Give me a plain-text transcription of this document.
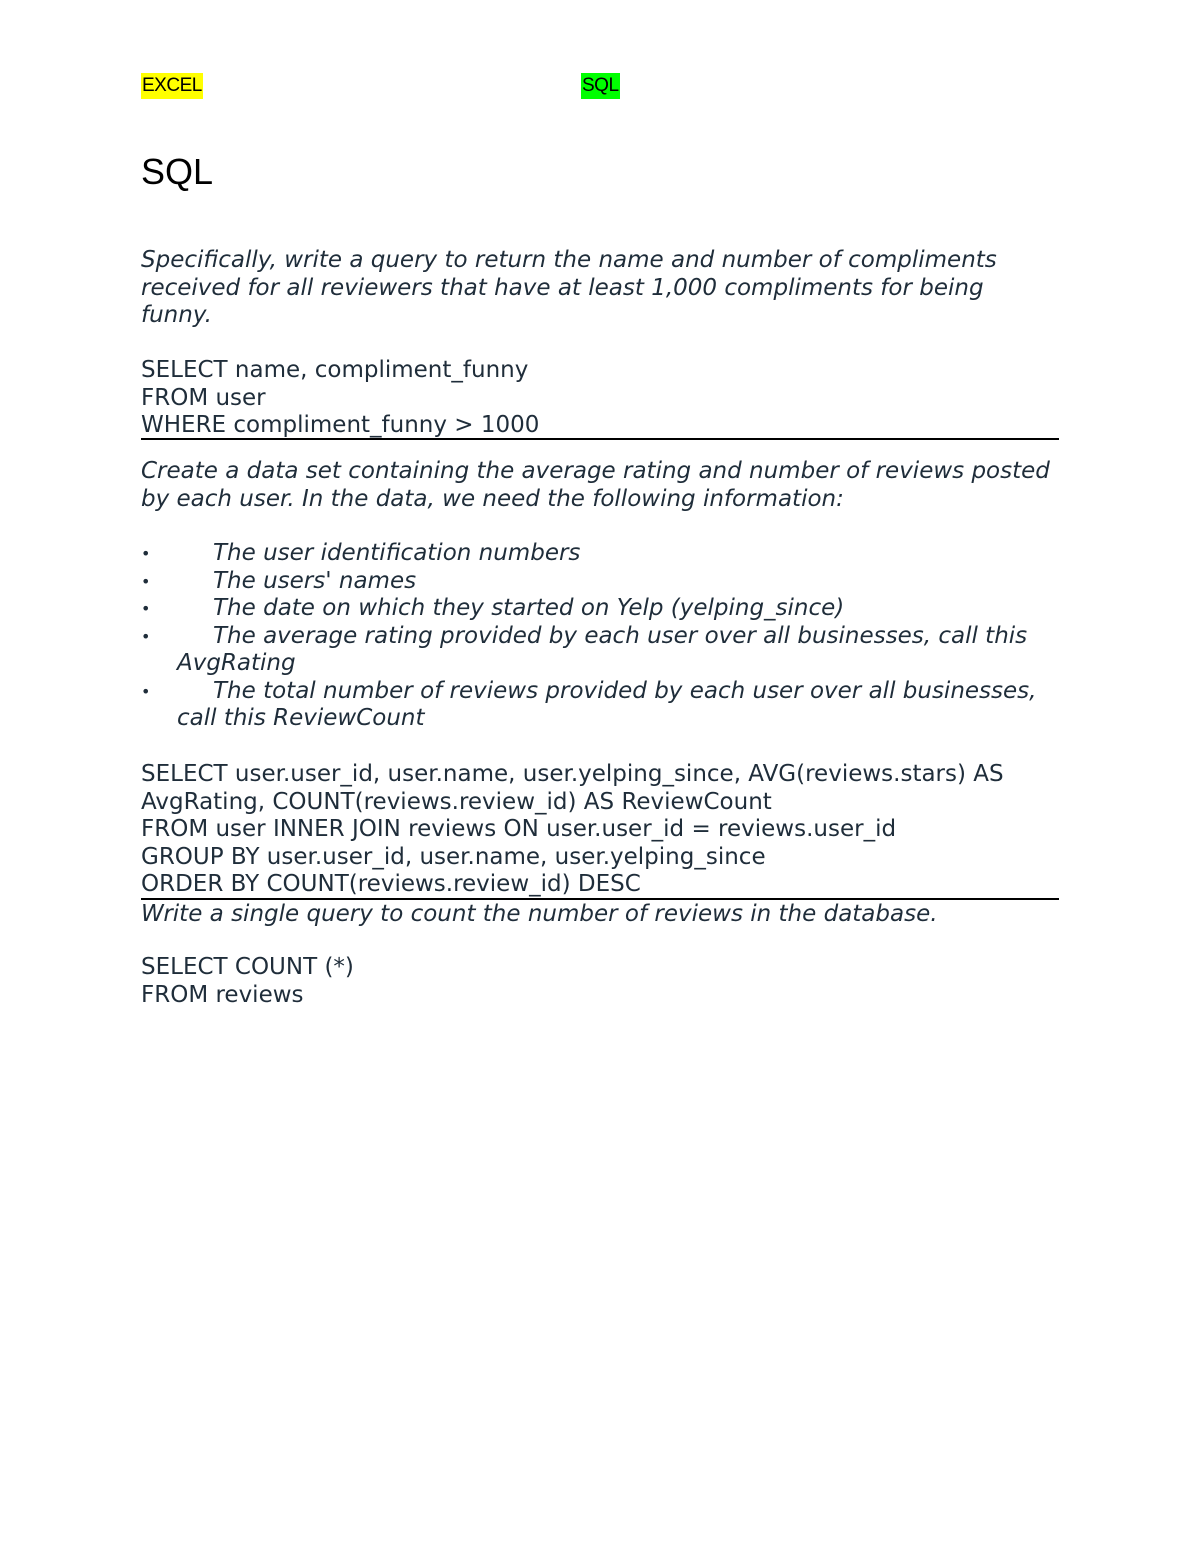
EXCEL	SQL
SQL
Specifically, write a query to return the name and number of compliments received for all reviewers that have at least 1,000 compliments for being funny.
SELECT name, compliment_funny
FROM user
WHERE compliment_funny > 1000
Create a data set containing the average rating and number of reviews posted by each user. In the data, we need the following information:
•	The user identification numbers
•	The users' names
•	The date on which they started on Yelp (yelping_since)
•	The average rating provided by each user over all businesses, call this AvgRating
•	The total number of reviews provided by each user over all businesses, call this ReviewCount
SELECT user.user_id, user.name, user.yelping_since, AVG(reviews.stars) AS AvgRating, COUNT(reviews.review_id) AS ReviewCount
FROM user INNER JOIN reviews ON user.user_id = reviews.user_id
GROUP BY user.user_id, user.name, user.yelping_since
ORDER BY COUNT(reviews.review_id) DESC
Write a single query to count the number of reviews in the database.
SELECT COUNT (*)
FROM reviews
